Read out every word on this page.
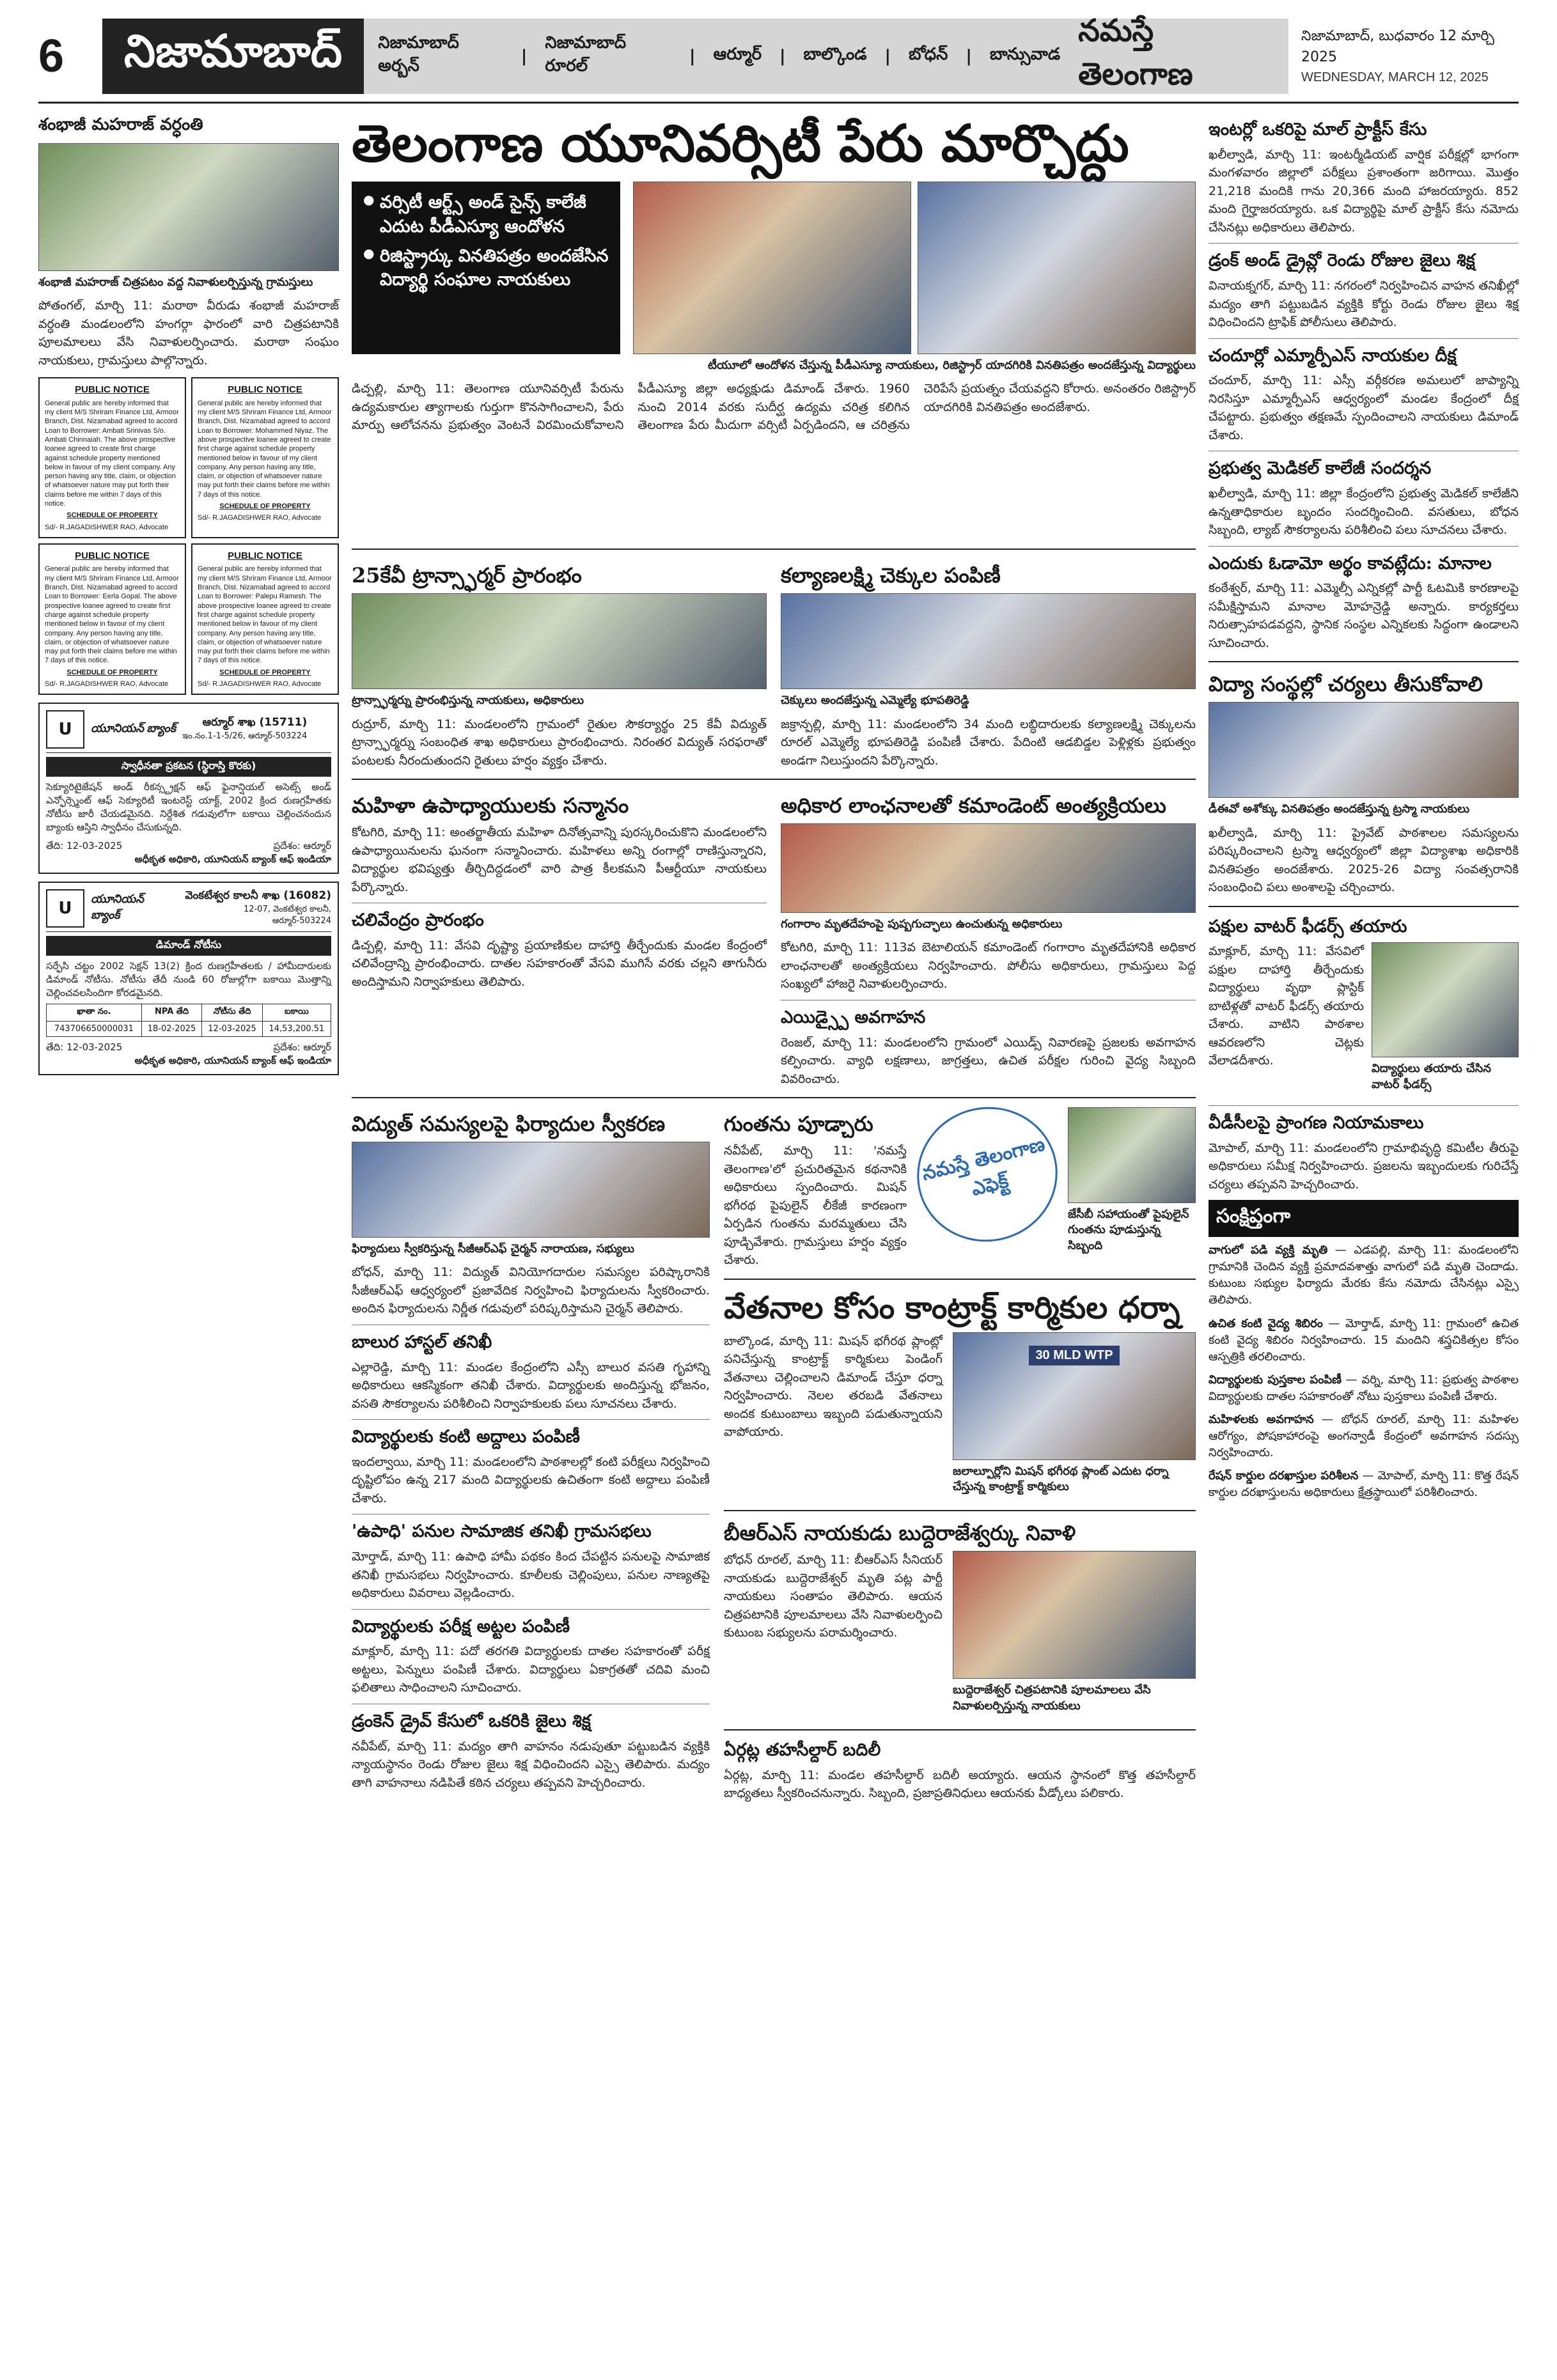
6	నిజామాబాద్	నిజామాబాద్ అర్బన్	|
నిజామాబాద్ రూరల్	| ఆర్మూర్ | బాల్కొండ | బోధన్ | బాన్సువాడ
నమస్తే తెలంగాణ
నిజామాబాద్, బుధవారం 12 మార్చి 2025
WEDNESDAY, MARCH 12, 2025
శంభాజీ మహరాజ్ వర్ధంతి
శంభాజీ మహరాజ్ చిత్రపటం వద్ద నివాళులర్పిస్తున్న గ్రామస్తులు
పోతంగల్, మార్చి 11: మరాఠా వీరుడు శంభాజీ మహరాజ్ వర్ధంతి మండలంలోని హంగర్గా ఫారంలో వారి చిత్రపటానికి పూలమాలలు వేసి నివాళులర్పించారు. మరాఠా సంఘం నాయకులు, గ్రామస్తులు పాల్గొన్నారు.
PUBLIC NOTICE
General public are hereby informed that my client M/S Shriram Finance Ltd, Armoor Branch, Dist. Nizamabad agreed to accord Loan to Borrower: Ambati Srinivas S/o. Ambati Chinnaiah. The above prospective loanee agreed to create first charge against schedule property mentioned below in favour of my client company. Any person having any title, claim, or objection of whatsoever nature may put forth their claims before me within 7 days of this notice.
SCHEDULE OF PROPERTY
Sd/- R.JAGADISHWER RAO, Advocate
PUBLIC NOTICE
General public are hereby informed that my client M/S Shriram Finance Ltd, Armoor Branch, Dist. Nizamabad agreed to accord Loan to Borrower: Mohammed Niyaz. The above prospective loanee agreed to create first charge against schedule property mentioned below in favour of my client company. Any person having any title, claim, or objection of whatsoever nature may put forth their claims before me within 7 days of this notice.
SCHEDULE OF PROPERTY
Sd/- R.JAGADISHWER RAO, Advocate
PUBLIC NOTICE
General public are hereby informed that my client M/S Shriram Finance Ltd, Armoor Branch, Dist. Nizamabad agreed to accord Loan to Borrower: Eerla Gopal. The above prospective loanee agreed to create first charge against schedule property mentioned below in favour of my client company. Any person having any title, claim, or objection of whatsoever nature may put forth their claims before me within 7 days of this notice.
SCHEDULE OF PROPERTY
Sd/- R.JAGADISHWER RAO, Advocate
PUBLIC NOTICE
General public are hereby informed that my client M/S Shriram Finance Ltd, Armoor Branch, Dist. Nizamabad agreed to accord Loan to Borrower: Palepu Ramesh. The above prospective loanee agreed to create first charge against schedule property mentioned below in favour of my client company. Any person having any title, claim, or objection of whatsoever nature may put forth their claims before me within 7 days of this notice.
SCHEDULE OF PROPERTY
Sd/- R.JAGADISHWER RAO, Advocate
U	యూనియన్ బ్యాంక్	ఆర్మూర్ శాఖ (15711)
ఇం.నం.1-1-5/26, ఆర్మూర్-503224
స్వాధీనతా ప్రకటన (స్థిరాస్తి కొరకు)
సెక్యూరిటైజేషన్ అండ్ రీకన్స్ట్రక్షన్ ఆఫ్ ఫైనాన్షియల్ అసెట్స్ అండ్ ఎన్ఫోర్స్మెంట్ ఆఫ్ సెక్యూరిటీ ఇంటరెస్ట్ యాక్ట్, 2002 క్రింద రుణగ్రహీతకు నోటీసు జారీ చేయడమైనది. నిర్దేశిత గడువులోగా బకాయి చెల్లించనందున బ్యాంకు ఆస్తిని స్వాధీనం చేసుకున్నది.
తేది: 12-03-2025	ప్రదేశం: ఆర్మూర్
అధీకృత అధికారి, యూనియన్ బ్యాంక్ ఆఫ్ ఇండియా
U	యూనియన్ బ్యాంక్
వెంకటేశ్వర కాలనీ శాఖ (16082)
12-07, వెంకటేశ్వర కాలనీ, ఆర్మూర్-503224
డిమాండ్ నోటీసు
సర్ఫేసి చట్టం 2002 సెక్షన్ 13(2) క్రింద రుణగ్రహీతలకు / హామీదారులకు డిమాండ్ నోటీసు. నోటీసు తేదీ నుండి 60 రోజుల్లోగా బకాయి మొత్తాన్ని చెల్లించవలసిందిగా కోరడమైనది.
ఖాతా నం.	NPA తేది	నోటీసు తేది	బకాయి
743706650000031	18-02-2025	12-03-2025	14,53,200.51
తేది: 12-03-2025	ప్రదేశం: ఆర్మూర్
అధీకృత అధికారి, యూనియన్ బ్యాంక్ ఆఫ్ ఇండియా
తెలంగాణ యూనివర్సిటీ పేరు మార్చొద్దు
● వర్సిటీ ఆర్ట్స్ అండ్ సైన్స్ కాలేజీ ఎదుట పీడీఎస్యూ ఆందోళన
● రిజిస్ట్రార్కు వినతిపత్రం అందజేసిన విద్యార్థి సంఘాల నాయకులు
టీయూలో ఆందోళన చేస్తున్న పీడీఎస్యూ నాయకులు, రిజిస్ట్రార్ యాదగిరికి వినతిపత్రం అందజేస్తున్న విద్యార్థులు
డిచ్పల్లి, మార్చి 11: తెలంగాణ యూనివర్సిటీ పేరును ఉద్యమకారుల త్యాగాలకు గుర్తుగా కొనసాగించాలని, పేరు మార్పు ఆలోచనను ప్రభుత్వం వెంటనే విరమించుకోవాలని పీడీఎస్యూ జిల్లా అధ్యక్షుడు డిమాండ్ చేశారు. 1960 నుంచి 2014 వరకు సుదీర్ఘ ఉద్యమ చరిత్ర కలిగిన తెలంగాణ పేరు మీదుగా వర్సిటీ ఏర్పడిందని, ఆ చరిత్రను చెరిపేసే ప్రయత్నం చేయవద్దని కోరారు. అనంతరం రిజిస్ట్రార్ యాదగిరికి వినతిపత్రం అందజేశారు.
25కేవీ ట్రాన్స్ఫార్మర్ ప్రారంభం
ట్రాన్స్ఫార్మర్ను ప్రారంభిస్తున్న నాయకులు, అధికారులు
రుద్రూర్, మార్చి 11: మండలంలోని గ్రామంలో రైతుల సౌకర్యార్థం 25 కేవీ విద్యుత్ ట్రాన్స్ఫార్మర్ను సంబంధిత శాఖ అధికారులు ప్రారంభించారు. నిరంతర విద్యుత్ సరఫరాతో పంటలకు నీరందుతుందని రైతులు హర్షం వ్యక్తం చేశారు.
కల్యాణలక్ష్మి చెక్కుల పంపిణీ
చెక్కులు అందజేస్తున్న ఎమ్మెల్యే భూపతిరెడ్డి
జక్రాన్పల్లి, మార్చి 11: మండలంలోని 34 మంది లబ్ధిదారులకు కల్యాణలక్ష్మి చెక్కులను రూరల్ ఎమ్మెల్యే భూపతిరెడ్డి పంపిణీ చేశారు. పేదింటి ఆడబిడ్డల పెళ్లిళ్లకు ప్రభుత్వం అండగా నిలుస్తుందని పేర్కొన్నారు.
మహిళా ఉపాధ్యాయులకు సన్మానం
కోటగిరి, మార్చి 11: అంతర్జాతీయ మహిళా దినోత్సవాన్ని పురస్కరించుకొని మండలంలోని ఉపాధ్యాయినులను ఘనంగా సన్మానించారు. మహిళలు అన్ని రంగాల్లో రాణిస్తున్నారని, విద్యార్థుల భవిష్యత్తు తీర్చిదిద్దడంలో వారి పాత్ర కీలకమని పీఆర్టీయూ నాయకులు పేర్కొన్నారు.
చలివేంద్రం ప్రారంభం
డిచ్పల్లి, మార్చి 11: వేసవి దృష్ట్యా ప్రయాణికుల దాహార్తి తీర్చేందుకు మండల కేంద్రంలో చలివేంద్రాన్ని ప్రారంభించారు. దాతల సహకారంతో వేసవి ముగిసే వరకు చల్లని తాగునీరు అందిస్తామని నిర్వాహకులు తెలిపారు.
అధికార లాంఛనాలతో కమాండెంట్ అంత్యక్రియలు
గంగారాం మృతదేహంపై పుష్పగుచ్ఛాలు ఉంచుతున్న అధికారులు
కోటగిరి, మార్చి 11: 113వ బెటాలియన్ కమాండెంట్ గంగారాం మృతదేహానికి అధికార లాంఛనాలతో అంత్యక్రియలు నిర్వహించారు. పోలీసు అధికారులు, గ్రామస్తులు పెద్ద సంఖ్యలో హాజరై నివాళులర్పించారు.
ఎయిడ్స్పై అవగాహన
రెంజల్, మార్చి 11: మండలంలోని గ్రామంలో ఎయిడ్స్ నివారణపై ప్రజలకు అవగాహన కల్పించారు. వ్యాధి లక్షణాలు, జాగ్రత్తలు, ఉచిత పరీక్షల గురించి వైద్య సిబ్బంది వివరించారు.
విద్యుత్ సమస్యలపై ఫిర్యాదుల స్వీకరణ
ఫిర్యాదులు స్వీకరిస్తున్న సీజీఆర్ఎఫ్ చైర్మన్ నారాయణ, సభ్యులు
బోధన్, మార్చి 11: విద్యుత్ వినియోగదారుల సమస్యల పరిష్కారానికి సీజీఆర్ఎఫ్ ఆధ్వర్యంలో ప్రజావేదిక నిర్వహించి ఫిర్యాదులను స్వీకరించారు. అందిన ఫిర్యాదులను నిర్ణీత గడువులో పరిష్కరిస్తామని చైర్మన్ తెలిపారు.
బాలుర హాస్టల్ తనిఖీ
ఎల్లారెడ్డి, మార్చి 11: మండల కేంద్రంలోని ఎస్సీ బాలుర వసతి గృహాన్ని అధికారులు ఆకస్మికంగా తనిఖీ చేశారు. విద్యార్థులకు అందిస్తున్న భోజనం, వసతి సౌకర్యాలను పరిశీలించి నిర్వాహకులకు పలు సూచనలు చేశారు.
విద్యార్థులకు కంటి అద్దాలు పంపిణీ
ఇందల్వాయి, మార్చి 11: మండలంలోని పాఠశాలల్లో కంటి పరీక్షలు నిర్వహించి దృష్టిలోపం ఉన్న 217 మంది విద్యార్థులకు ఉచితంగా కంటి అద్దాలు పంపిణీ చేశారు.
'ఉపాధి' పనుల సామాజిక తనిఖీ గ్రామసభలు
మోర్తాడ్, మార్చి 11: ఉపాధి హామీ పథకం కింద చేపట్టిన పనులపై సామాజిక తనిఖీ గ్రామసభలు నిర్వహించారు. కూలీలకు చెల్లింపులు, పనుల నాణ్యతపై అధికారులు వివరాలు వెల్లడించారు.
విద్యార్థులకు పరీక్ష అట్టల పంపిణీ
మాక్లూర్, మార్చి 11: పదో తరగతి విద్యార్థులకు దాతల సహకారంతో పరీక్ష అట్టలు, పెన్నులు పంపిణీ చేశారు. విద్యార్థులు ఏకాగ్రతతో చదివి మంచి ఫలితాలు సాధించాలని సూచించారు.
డ్రంకెన్ డ్రైవ్ కేసులో ఒకరికి జైలు శిక్ష
నవీపేట్, మార్చి 11: మద్యం తాగి వాహనం నడుపుతూ పట్టుబడిన వ్యక్తికి న్యాయస్థానం రెండు రోజుల జైలు శిక్ష విధించిందని ఎస్సై తెలిపారు. మద్యం తాగి వాహనాలు నడిపితే కఠిన చర్యలు తప్పవని హెచ్చరించారు.
గుంతను పూడ్చారు
నవీపేట్, మార్చి 11: 'నమస్తే తెలంగాణ'లో ప్రచురితమైన కథనానికి అధికారులు స్పందించారు. మిషన్ భగీరథ పైపులైన్ లీకేజీ కారణంగా ఏర్పడిన గుంతను మరమ్మతులు చేసి పూడ్చివేశారు. గ్రామస్తులు హర్షం వ్యక్తం చేశారు.
నమస్తే తెలంగాణ ఎఫెక్ట్
జేసీబీ సహాయంతో పైపులైన్ గుంతను పూడుస్తున్న సిబ్బంది
వేతనాల కోసం కాంట్రాక్ట్ కార్మికుల ధర్నా
బాల్కొండ, మార్చి 11: మిషన్ భగీరథ ప్లాంట్లో పనిచేస్తున్న కాంట్రాక్ట్ కార్మికులు పెండింగ్ వేతనాలు చెల్లించాలని డిమాండ్ చేస్తూ ధర్నా నిర్వహించారు. నెలల తరబడి వేతనాలు అందక కుటుంబాలు ఇబ్బంది పడుతున్నాయని వాపోయారు.
30 MLD WTP
జలాల్పూర్లోని మిషన్ భగీరథ ప్లాంట్ ఎదుట ధర్నా చేస్తున్న కాంట్రాక్ట్ కార్మికులు
బీఆర్ఎస్ నాయకుడు బుద్దెరాజేశ్వర్కు నివాళి
బోధన్ రూరల్, మార్చి 11: బీఆర్ఎస్ సీనియర్ నాయకుడు బుద్దెరాజేశ్వర్ మృతి పట్ల పార్టీ నాయకులు సంతాపం తెలిపారు. ఆయన చిత్రపటానికి పూలమాలలు వేసి నివాళులర్పించి కుటుంబ సభ్యులను పరామర్శించారు.
బుద్దెరాజేశ్వర్ చిత్రపటానికి పూలమాలలు వేసి నివాళులర్పిస్తున్న నాయకులు
ఏర్గట్ల తహసీల్దార్ బదిలీ
ఏర్గట్ల, మార్చి 11: మండల తహసీల్దార్ బదిలీ అయ్యారు. ఆయన స్థానంలో కొత్త తహసీల్దార్ బాధ్యతలు స్వీకరించనున్నారు. సిబ్బంది, ప్రజాప్రతినిధులు ఆయనకు వీడ్కోలు పలికారు.
ఇంటర్లో ఒకరిపై మాల్ ప్రాక్టీస్ కేసు
ఖలీల్వాడి, మార్చి 11: ఇంటర్మీడియట్ వార్షిక పరీక్షల్లో భాగంగా మంగళవారం జిల్లాలో పరీక్షలు ప్రశాంతంగా జరిగాయి. మొత్తం 21,218 మందికి గాను 20,366 మంది హాజరయ్యారు. 852 మంది గైర్హాజరయ్యారు. ఒక విద్యార్థిపై మాల్ ప్రాక్టీస్ కేసు నమోదు చేసినట్లు అధికారులు తెలిపారు.
డ్రంక్ అండ్ డ్రైవ్లో రెండు రోజుల జైలు శిక్ష
వినాయక్నగర్, మార్చి 11: నగరంలో నిర్వహించిన వాహన తనిఖీల్లో మద్యం తాగి పట్టుబడిన వ్యక్తికి కోర్టు రెండు రోజుల జైలు శిక్ష విధించిందని ట్రాఫిక్ పోలీసులు తెలిపారు.
చందూర్లో ఎమ్మార్పీఎస్ నాయకుల దీక్ష
చందూర్, మార్చి 11: ఎస్సీ వర్గీకరణ అమలులో జాప్యాన్ని నిరసిస్తూ ఎమ్మార్పీఎస్ ఆధ్వర్యంలో మండల కేంద్రంలో దీక్ష చేపట్టారు. ప్రభుత్వం తక్షణమే స్పందించాలని నాయకులు డిమాండ్ చేశారు.
ప్రభుత్వ మెడికల్ కాలేజీ సందర్శన
ఖలీల్వాడి, మార్చి 11: జిల్లా కేంద్రంలోని ప్రభుత్వ మెడికల్ కాలేజీని ఉన్నతాధికారుల బృందం సందర్శించింది. వసతులు, బోధన సిబ్బంది, ల్యాబ్ సౌకర్యాలను పరిశీలించి పలు సూచనలు చేశారు.
ఎందుకు ఓడామో అర్థం కావట్లేదు: మానాల
కంఠేశ్వర్, మార్చి 11: ఎమ్మెల్సీ ఎన్నికల్లో పార్టీ ఓటమికి కారణాలపై సమీక్షిస్తామని మానాల మోహన్రెడ్డి అన్నారు. కార్యకర్తలు నిరుత్సాహపడవద్దని, స్థానిక సంస్థల ఎన్నికలకు సిద్ధంగా ఉండాలని సూచించారు.
విద్యా సంస్థల్లో చర్యలు తీసుకోవాలి
డీఈవో అశోక్కు వినతిపత్రం అందజేస్తున్న ట్రస్మా నాయకులు
ఖలీల్వాడి, మార్చి 11: ప్రైవేట్ పాఠశాలల సమస్యలను పరిష్కరించాలని ట్రస్మా ఆధ్వర్యంలో జిల్లా విద్యాశాఖ అధికారికి వినతిపత్రం అందజేశారు. 2025-26 విద్యా సంవత్సరానికి సంబంధించి పలు అంశాలపై చర్చించారు.
పక్షుల వాటర్ ఫీడర్స్ తయారు
మాక్లూర్, మార్చి 11: వేసవిలో పక్షుల దాహార్తి తీర్చేందుకు విద్యార్థులు వృథా ప్లాస్టిక్ బాటిళ్లతో వాటర్ ఫీడర్స్ తయారు చేశారు. వాటిని పాఠశాల ఆవరణలోని చెట్లకు వేలాడదీశారు.
విద్యార్థులు తయారు చేసిన వాటర్ ఫీడర్స్
వీడీసీలపై ప్రాంగణ నియామకాలు
మోపాల్, మార్చి 11: మండలంలోని గ్రామాభివృద్ధి కమిటీల తీరుపై అధికారులు సమీక్ష నిర్వహించారు. ప్రజలను ఇబ్బందులకు గురిచేస్తే చర్యలు తప్పవని హెచ్చరించారు.
సంక్షిప్తంగా
వాగులో పడి వ్యక్తి మృతి — ఎడపల్లి, మార్చి 11: మండలంలోని గ్రామానికి చెందిన వ్యక్తి ప్రమాదవశాత్తు వాగులో పడి మృతి చెందాడు. కుటుంబ సభ్యుల ఫిర్యాదు మేరకు కేసు నమోదు చేసినట్లు ఎస్సై తెలిపారు.
ఉచిత కంటి వైద్య శిబిరం — మోర్తాడ్, మార్చి 11: గ్రామంలో ఉచిత కంటి వైద్య శిబిరం నిర్వహించారు. 15 మందిని శస్త్రచికిత్సల కోసం ఆస్పత్రికి తరలించారు.
విద్యార్థులకు పుస్తకాల పంపిణీ — వర్ని, మార్చి 11: ప్రభుత్వ పాఠశాల విద్యార్థులకు దాతల సహకారంతో నోటు పుస్తకాలు పంపిణీ చేశారు.
మహిళలకు అవగాహన — బోధన్ రూరల్, మార్చి 11: మహిళల ఆరోగ్యం, పోషకాహారంపై అంగన్వాడీ కేంద్రంలో అవగాహన సదస్సు నిర్వహించారు.
రేషన్ కార్డుల దరఖాస్తుల పరిశీలన — మోపాల్, మార్చి 11: కొత్త రేషన్ కార్డుల దరఖాస్తులను అధికారులు క్షేత్రస్థాయిలో పరిశీలించారు.
